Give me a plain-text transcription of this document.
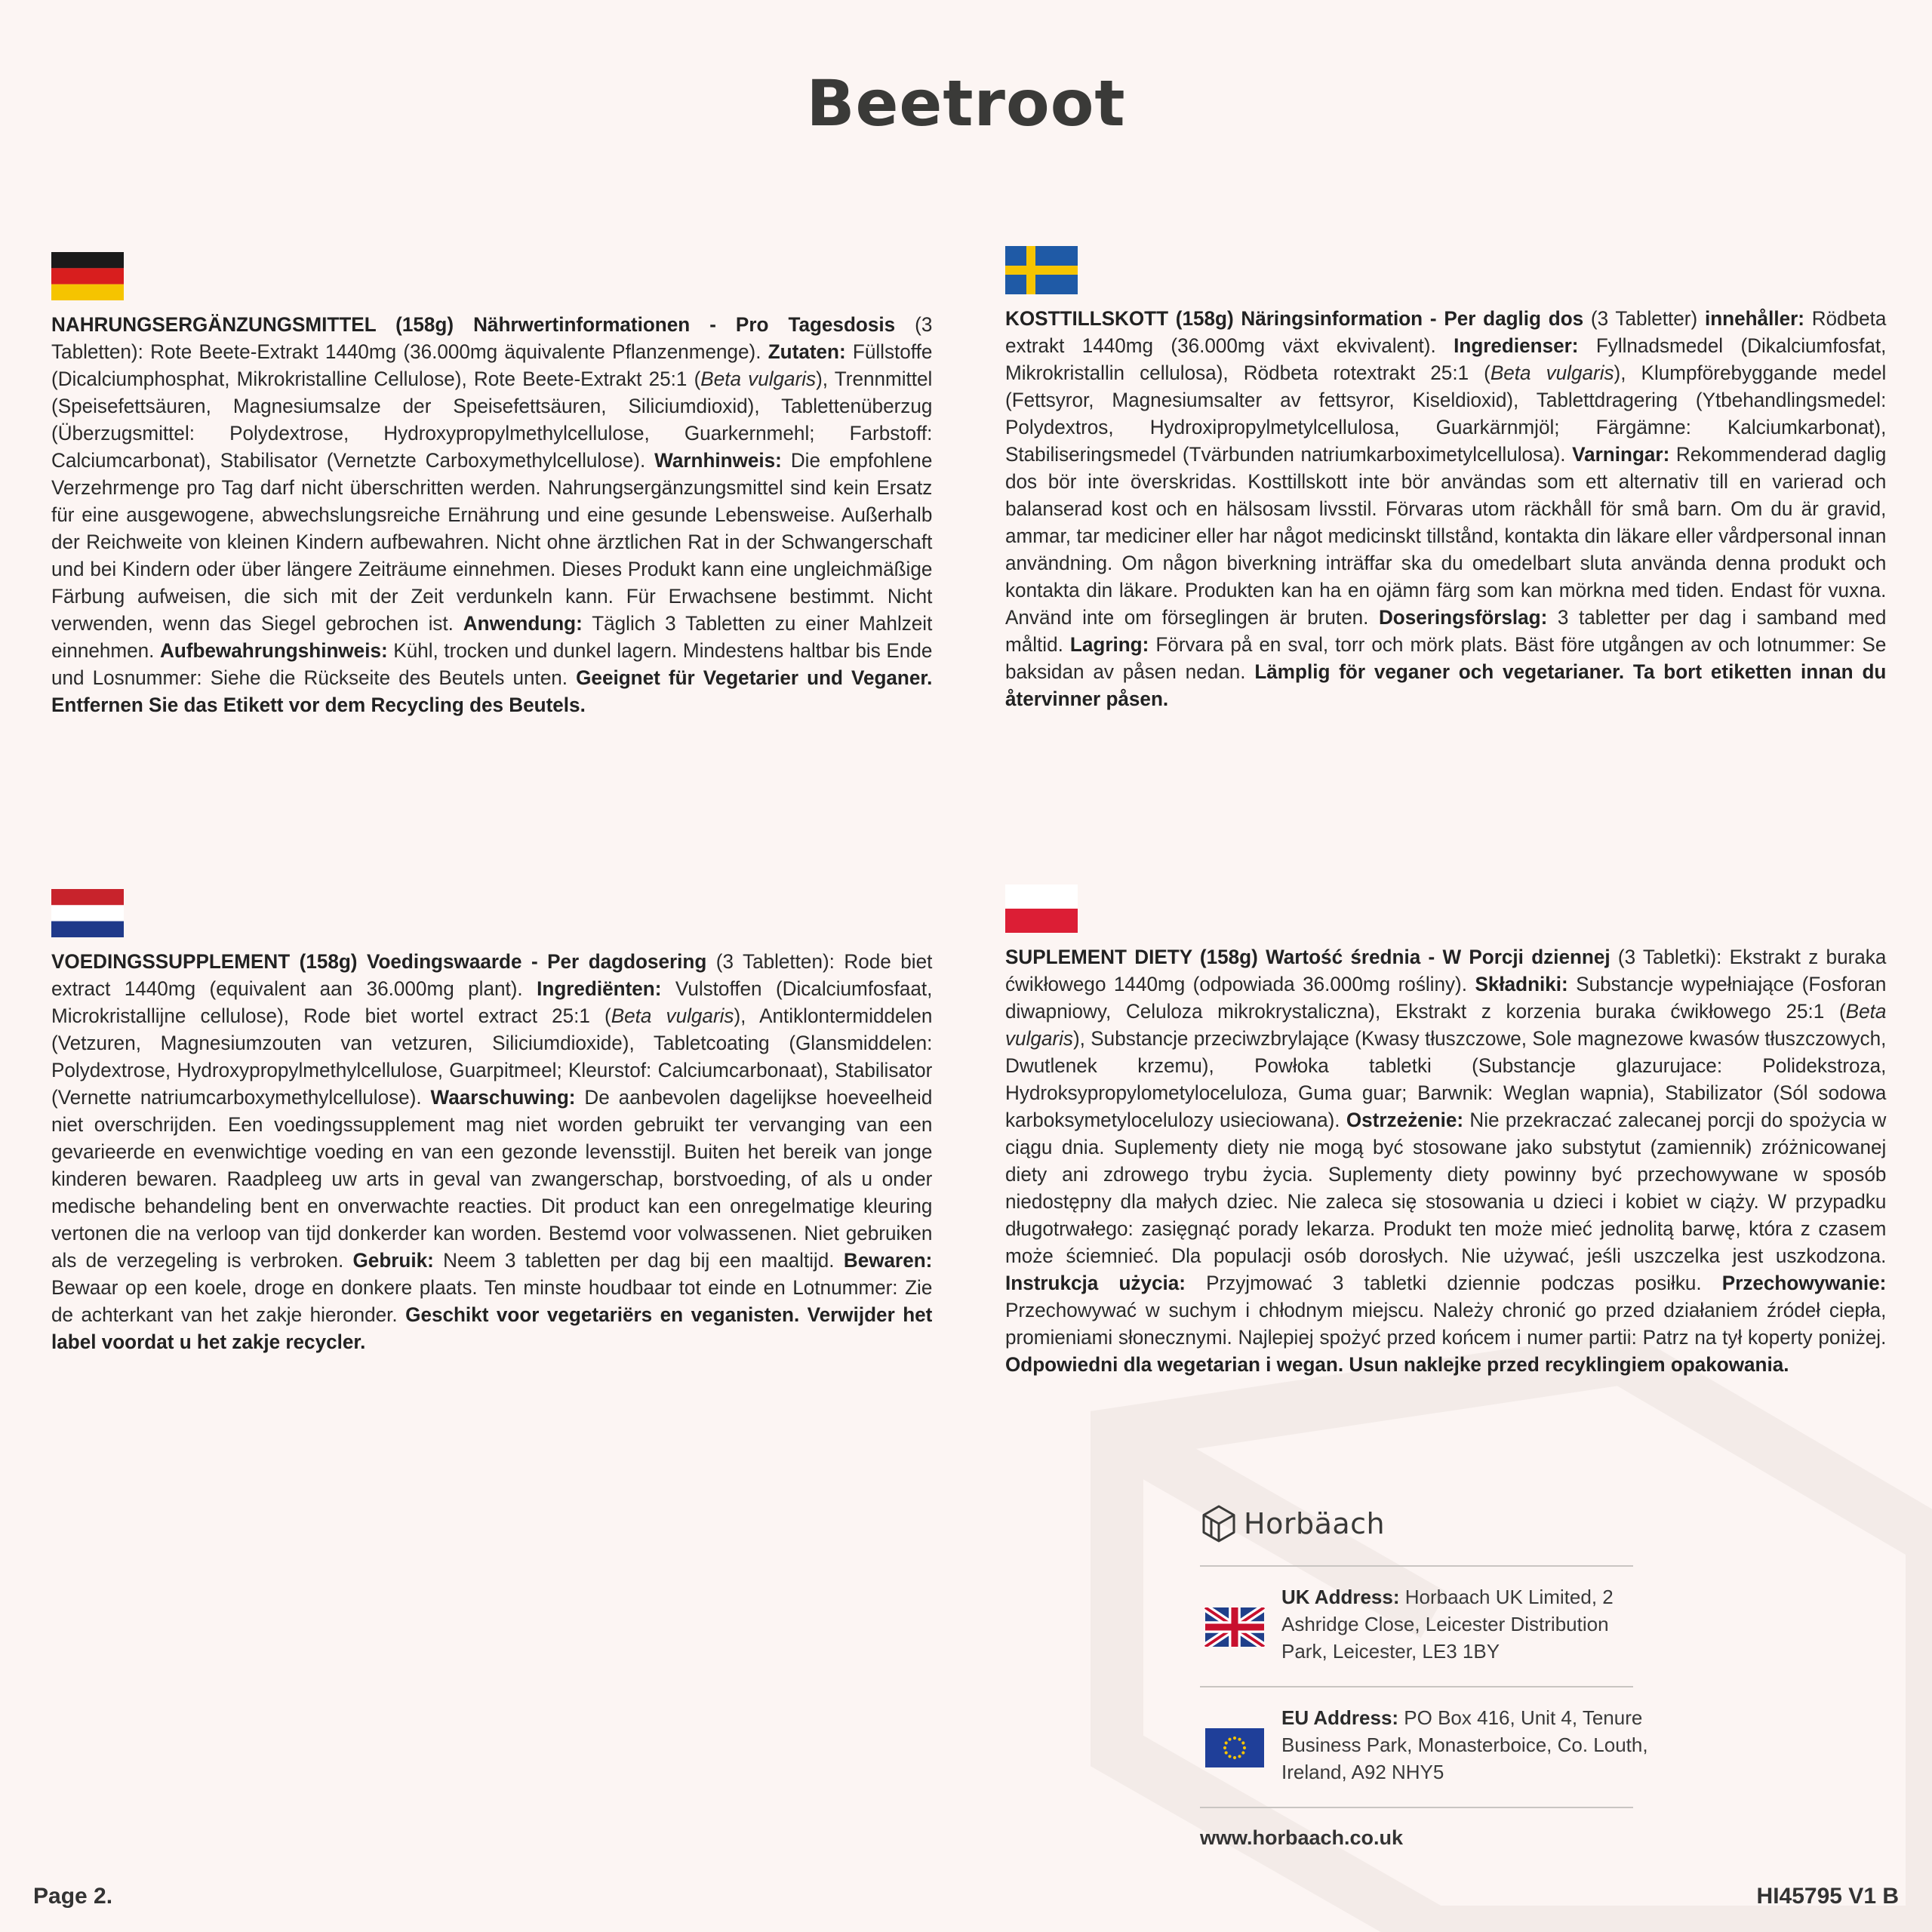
Beetroot
NAHRUNGSERGÄNZUNGSMITTEL (158g) Nährwertinformationen - Pro Tagesdosis (3 Tabletten): Rote Beete-Extrakt 1440mg (36.000mg äquivalente Pflanzenmenge). Zutaten: Füllstoffe (Dicalciumphosphat, Mikrokristalline Cellulose), Rote Beete-Extrakt 25:1 (Beta vulgaris), Trennmittel (Speisefettsäuren, Magnesiumsalze der Speisefettsäuren, Siliciumdioxid), Tablettenüberzug (Überzugsmittel: Polydextrose, Hydroxypropylmethylcellulose, Guarkernmehl; Farbstoff: Calciumcarbonat), Stabilisator (Vernetzte Carboxymethylcellulose). Warnhinweis: Die empfohlene Verzehrmenge pro Tag darf nicht überschritten werden. Nahrungsergänzungsmittel sind kein Ersatz für eine ausgewogene, abwechslungsreiche Ernährung und eine gesunde Lebensweise. Außerhalb der Reichweite von kleinen Kindern aufbewahren. Nicht ohne ärztlichen Rat in der Schwangerschaft und bei Kindern oder über längere Zeiträume einnehmen. Dieses Produkt kann eine ungleichmäßige Färbung aufweisen, die sich mit der Zeit verdunkeln kann. Für Erwachsene bestimmt. Nicht verwenden, wenn das Siegel gebrochen ist. Anwendung: Täglich 3 Tabletten zu einer Mahlzeit einnehmen. Aufbewahrungshinweis: Kühl, trocken und dunkel lagern. Mindestens haltbar bis Ende und Losnummer: Siehe die Rückseite des Beutels unten. Geeignet für Vegetarier und Veganer. Entfernen Sie das Etikett vor dem Recycling des Beutels.
KOSTTILLSKOTT (158g) Näringsinformation - Per daglig dos (3 Tabletter) innehåller: Rödbeta extrakt 1440mg (36.000mg växt ekvivalent). Ingredienser: Fyllnadsmedel (Dikalciumfosfat, Mikrokristallin cellulosa), Rödbeta rotextrakt 25:1 (Beta vulgaris), Klumpförebyggande medel (Fettsyror, Magnesiumsalter av fettsyror, Kiseldioxid), Tablettdragering (Ytbehandlingsmedel: Polydextros, Hydroxipropylmetylcellulosa, Guarkärnmjöl; Färgämne: Kalciumkarbonat), Stabiliseringsmedel (Tvärbunden natriumkarboximetylcellulosa). Varningar: Rekommenderad daglig dos bör inte överskridas. Kosttillskott inte bör användas som ett alternativ till en varierad och balanserad kost och en hälsosam livsstil. Förvaras utom räckhåll för små barn. Om du är gravid, ammar, tar mediciner eller har något medicinskt tillstånd, kontakta din läkare eller vårdpersonal innan användning. Om någon biverkning inträffar ska du omedelbart sluta använda denna produkt och kontakta din läkare. Produkten kan ha en ojämn färg som kan mörkna med tiden. Endast för vuxna. Använd inte om förseglingen är bruten. Doseringsförslag: 3 tabletter per dag i samband med måltid. Lagring: Förvara på en sval, torr och mörk plats. Bäst före utgången av och lotnummer: Se baksidan av påsen nedan. Lämplig för veganer och vegetarianer. Ta bort etiketten innan du återvinner påsen.
VOEDINGSSUPPLEMENT (158g) Voedingswaarde - Per dagdosering (3 Tabletten): Rode biet extract 1440mg (equivalent aan 36.000mg plant). Ingrediënten: Vulstoffen (Dicalciumfosfaat, Microkristallijne cellulose), Rode biet wortel extract 25:1 (Beta vulgaris), Antiklontermiddelen (Vetzuren, Magnesiumzouten van vetzuren, Siliciumdioxide), Tabletcoating (Glansmiddelen: Polydextrose, Hydroxypropylmethylcellulose, Guarpitmeel; Kleurstof: Calciumcarbonaat), Stabilisator (Vernette natriumcarboxymethylcellulose). Waarschuwing: De aanbevolen dagelijkse hoeveelheid niet overschrijden. Een voedingssupplement mag niet worden gebruikt ter vervanging van een gevarieerde en evenwichtige voeding en van een gezonde levensstijl. Buiten het bereik van jonge kinderen bewaren. Raadpleeg uw arts in geval van zwangerschap, borstvoeding, of als u onder medische behandeling bent en onverwachte reacties. Dit product kan een onregelmatige kleuring vertonen die na verloop van tijd donkerder kan worden. Bestemd voor volwassenen. Niet gebruiken als de verzegeling is verbroken. Gebruik: Neem 3 tabletten per dag bij een maaltijd. Bewaren: Bewaar op een koele, droge en donkere plaats. Ten minste houdbaar tot einde en Lotnummer: Zie de achterkant van het zakje hieronder. Geschikt voor vegetariërs en veganisten. Verwijder het label voordat u het zakje recycler.
SUPLEMENT DIETY (158g) Wartość średnia - W Porcji dziennej (3 Tabletki): Ekstrakt z buraka ćwikłowego 1440mg (odpowiada 36.000mg rośliny). Składniki: Substancje wypełniające (Fosforan diwapniowy, Celuloza mikrokrystaliczna), Ekstrakt z korzenia buraka ćwikłowego 25:1 (Beta vulgaris), Substancje przeciwzbrylające (Kwasy tłuszczowe, Sole magnezowe kwasów tłuszczowych, Dwutlenek krzemu), Powłoka tabletki (Substancje glazurujace: Polidekstroza, Hydroksypropylometyloceluloza, Guma guar; Barwnik: Weglan wapnia), Stabilizator (Sól sodowa karboksymetylocelulozy usieciowana). Ostrzeżenie: Nie przekraczać zalecanej porcji do spożycia w ciągu dnia. Suplementy diety nie mogą być stosowane jako substytut (zamiennik) zróżnicowanej diety ani zdrowego trybu życia. Suplementy diety powinny być przechowywane w sposób niedostępny dla małych dziec. Nie zaleca się stosowania u dzieci i kobiet w ciąży. W przypadku długotrwałego: zasięgnąć porady lekarza. Produkt ten może mieć jednolitą barwę, która z czasem może ściemnieć. Dla populacji osób dorosłych. Nie używać, jeśli uszczelka jest uszkodzona. Instrukcja użycia: Przyjmować 3 tabletki dziennie podczas posiłku. Przechowywanie: Przechowywać w suchym i chłodnym miejscu. Należy chronić go przed działaniem źródeł ciepła, promieniami słonecznymi. Najlepiej spożyć przed końcem i numer partii: Patrz na tył koperty poniżej. Odpowiedni dla wegetarian i wegan. Usun naklejke przed recyklingiem opakowania.
Horbäach
UK Address: Horbaach UK Limited, 2 Ashridge Close, Leicester Distribution Park, Leicester, LE3 1BY
EU Address: PO Box 416, Unit 4, Tenure Business Park, Monasterboice, Co. Louth, Ireland, A92 NHY5
www.horbaach.co.uk
Page 2.	HI45795 V1 B
